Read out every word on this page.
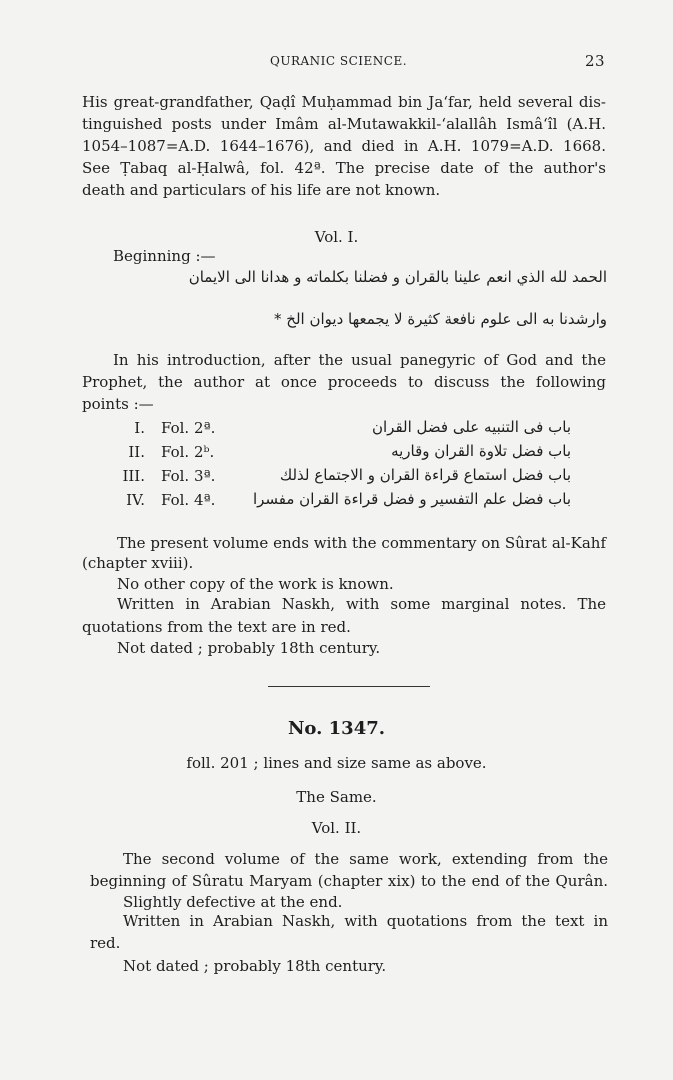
QURANIC SCIENCE.	23
His great-grandfather, Qaḍî Muḥammad bin Ja‘far, held several dis-
tinguished posts under Imâm al-Mutawakkil-‘alallâh Ismâ‘îl (A.H.
1054–1087=A.D. 1644–1676), and died in A.H. 1079=A.D. 1668.
See Ṭabaq al-Ḥalwâ, fol. 42ª. The precise date of the author's
death and particulars of his life are not known.
Vol. I.
Beginning :—
الحمد لله الذي انعم علينا بالقران و فضلنا بكلماته و هدانا الى الايمان
وارشدنا به الى علوم نافعة كثيرة لا يجمعها ديوان الخ *
In his introduction, after the usual panegyric of God and the
Prophet, the author at once proceeds to discuss the following
points :—
I. Fol. 2ª.	باب فى التنبيه على فضل القران
II. Fol. 2ᵇ.	باب فضل تلاوة القران وقاريه
III. Fol. 3ª.	باب فضل استماع قراءة القران و الاجتماع لذلك
IV. Fol. 4ª.	باب فضل علم التفسير و فضل قراءة القران مفسرا
The present volume ends with the commentary on Sûrat al-Kahf
(chapter xviii).
No other copy of the work is known.
Written in Arabian Naskh, with some marginal notes. The
quotations from the text are in red.
Not dated ; probably 18th century.
No. 1347.
foll. 201 ; lines and size same as above.
The Same.
Vol. II.
The second volume of the same work, extending from the
beginning of Sûratu Maryam (chapter xix) to the end of the Qurân.
Slightly defective at the end.
Written in Arabian Naskh, with quotations from the text in
red.
Not dated ; probably 18th century.
